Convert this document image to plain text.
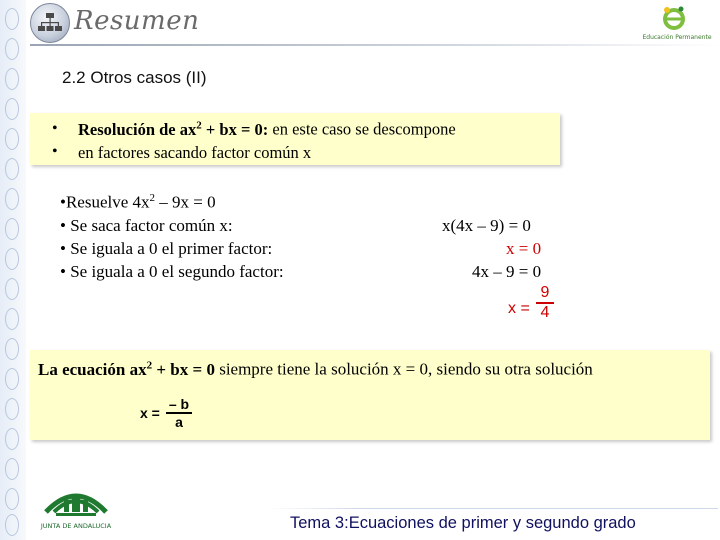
Resumen
Educación Permanente
2.2 Otros casos (II)
•
•
Resolución de $ax^2$ + bx = 0: en este caso se descompone
en factores sacando factor común x
•Resuelve $4x^2 - 9x = 0$
• Se saca factor común x:
• Se iguala a 0 el primer factor:
• Se iguala a 0 el segundo factor:
x(4x – 9) = 0
x = 0
4x – 9 = 0
x =
9
4
La ecuación $ax^2$ + bx = 0 siempre tiene la solución x = 0, siendo su otra solución
x =
– b
a
JUNTA DE ANDALUCIA	Tema 3:Ecuaciones de primer y segundo grado
